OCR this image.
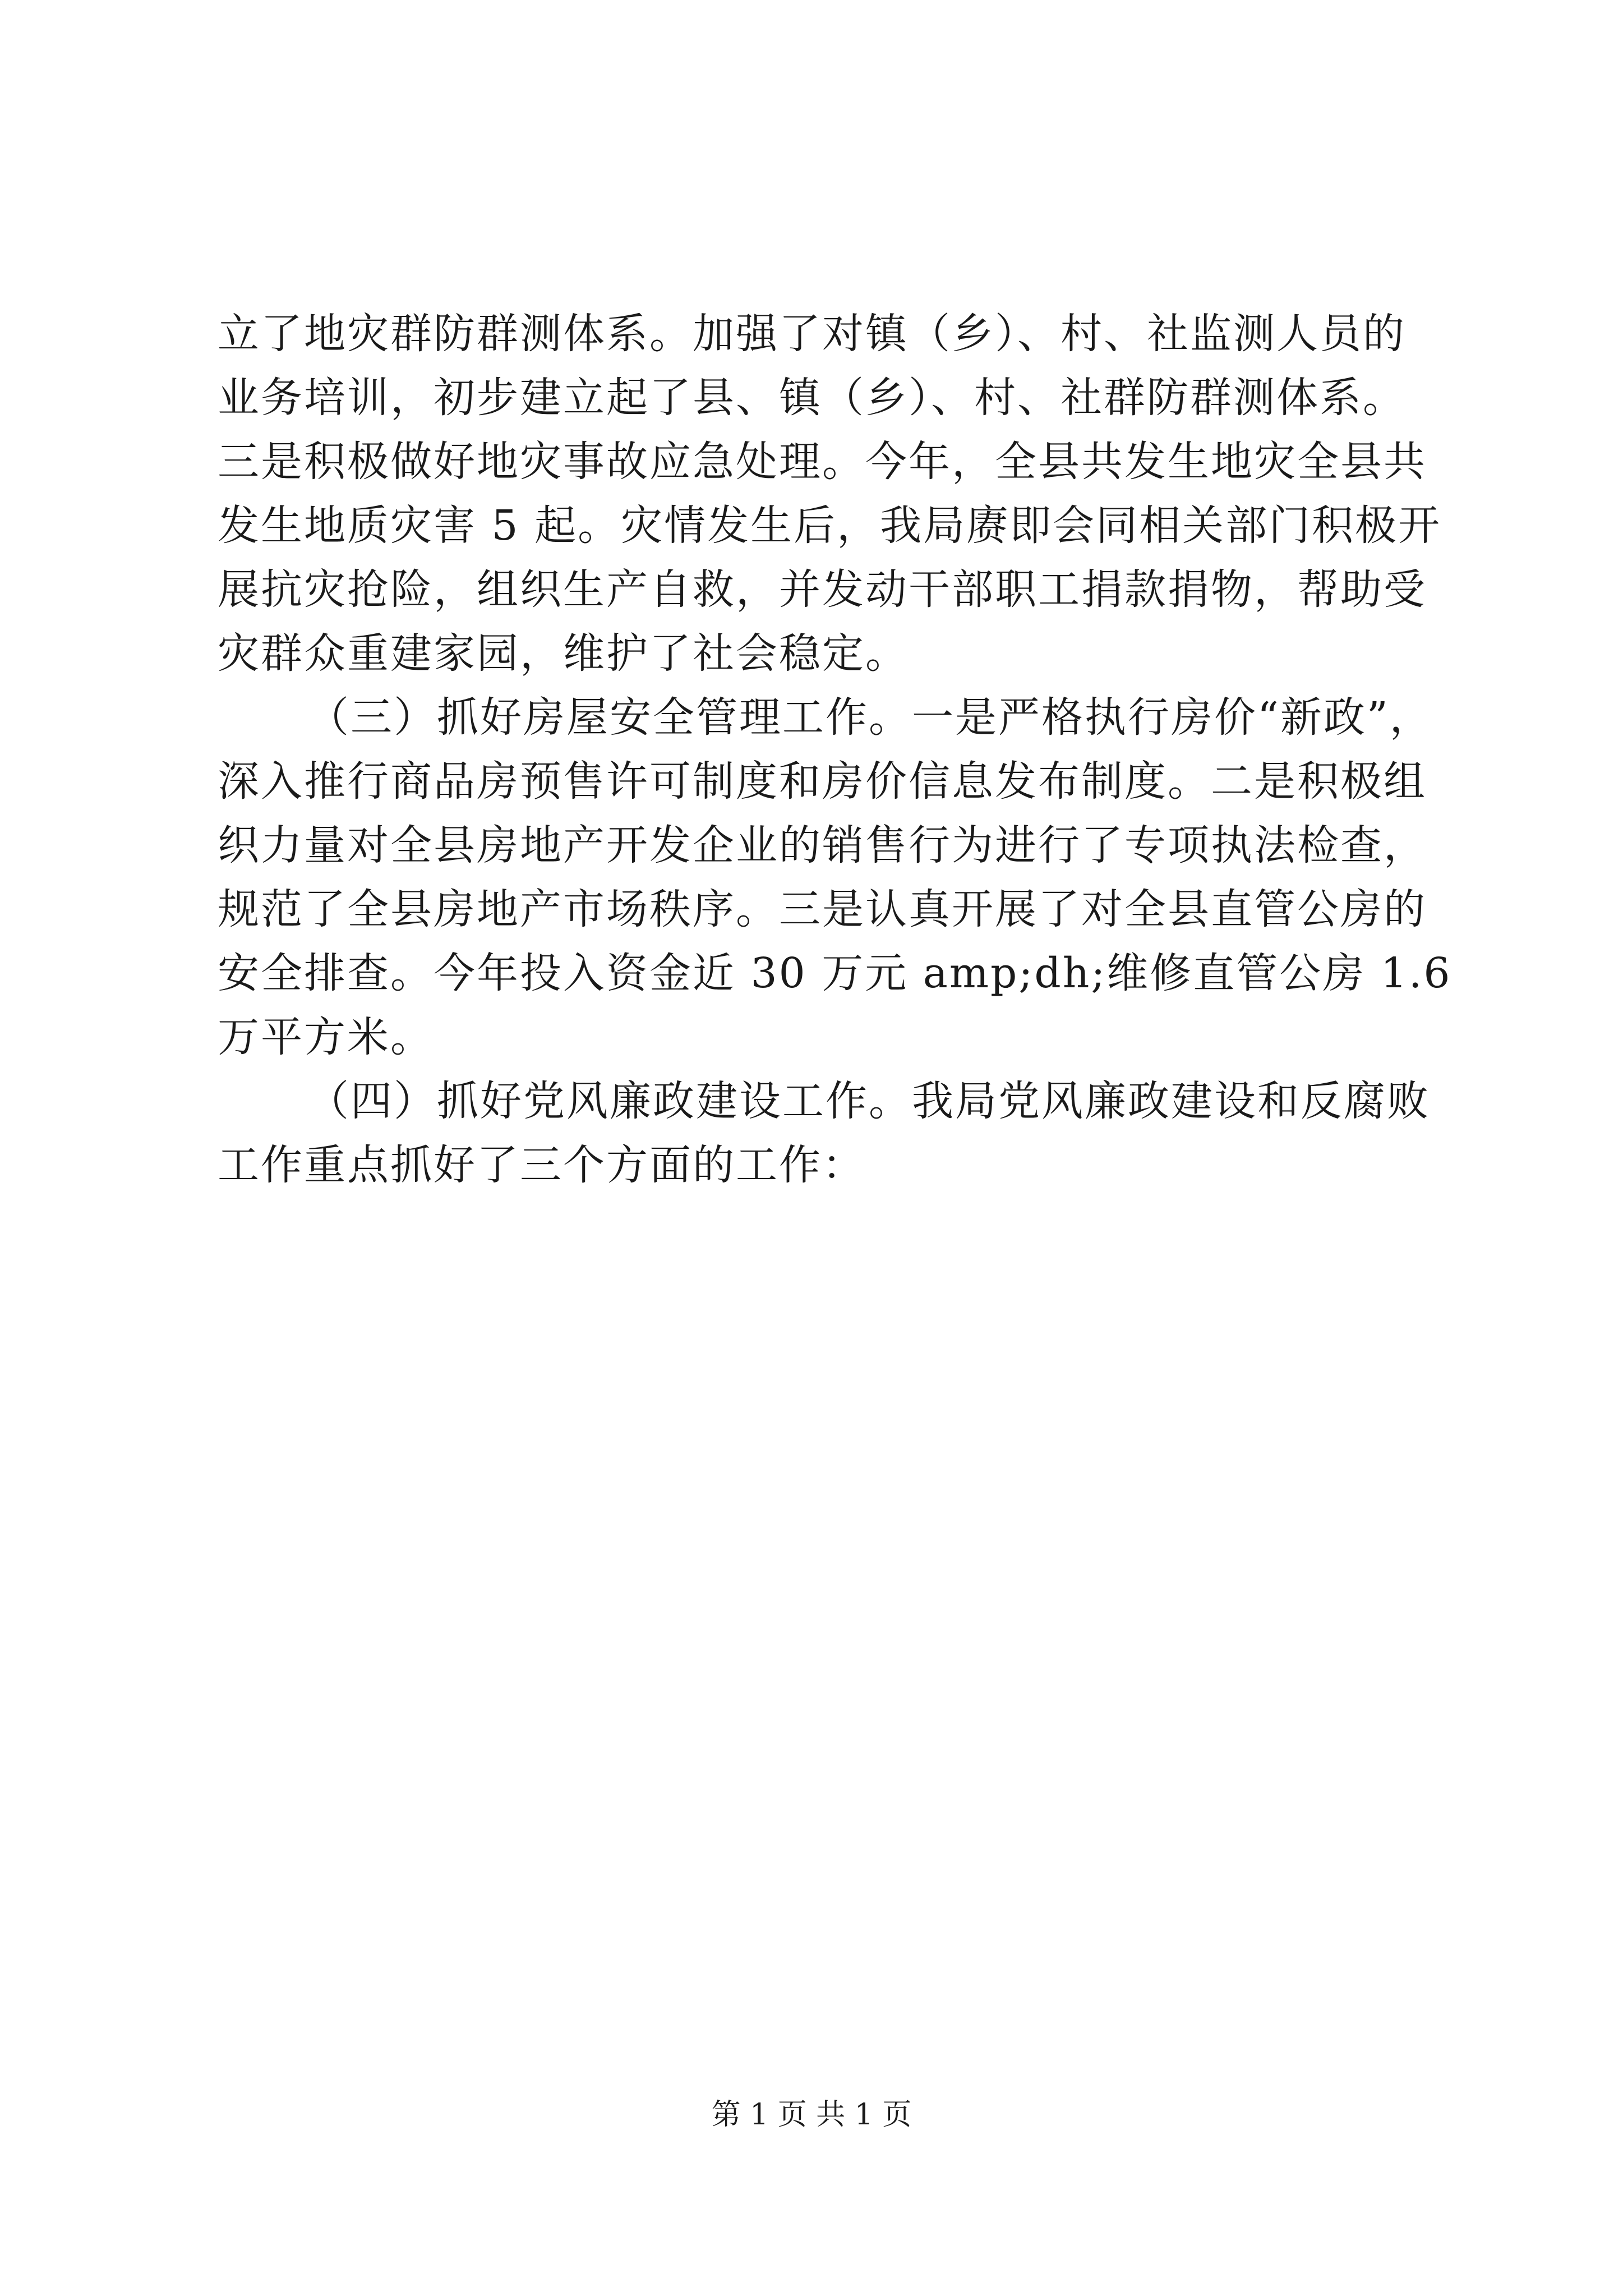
立了地灾群防群测体系。加强了对镇（乡）、村、社监测人员的
业务培训，初步建立起了县、镇（乡）、村、社群防群测体系。
三是积极做好地灾事故应急处理。今年，全县共发生地灾全县共
发生地质灾害 5 起。灾情发生后，我局赓即会同相关部门积极开
展抗灾抢险，组织生产自救，并发动干部职工捐款捐物，帮助受
灾群众重建家园，维护了社会稳定。
（三）抓好房屋安全管理工作。一是严格执行房价“新政”，
深入推行商品房预售许可制度和房价信息发布制度。二是积极组
织力量对全县房地产开发企业的销售行为进行了专项执法检查，
规范了全县房地产市场秩序。三是认真开展了对全县直管公房的
安全排查。今年投入资金近 30 万元 amp;dh;维修直管公房 1.6
万平方米。
（四）抓好党风廉政建设工作。我局党风廉政建设和反腐败
工作重点抓好了三个方面的工作：
第 1 页 共 1 页
